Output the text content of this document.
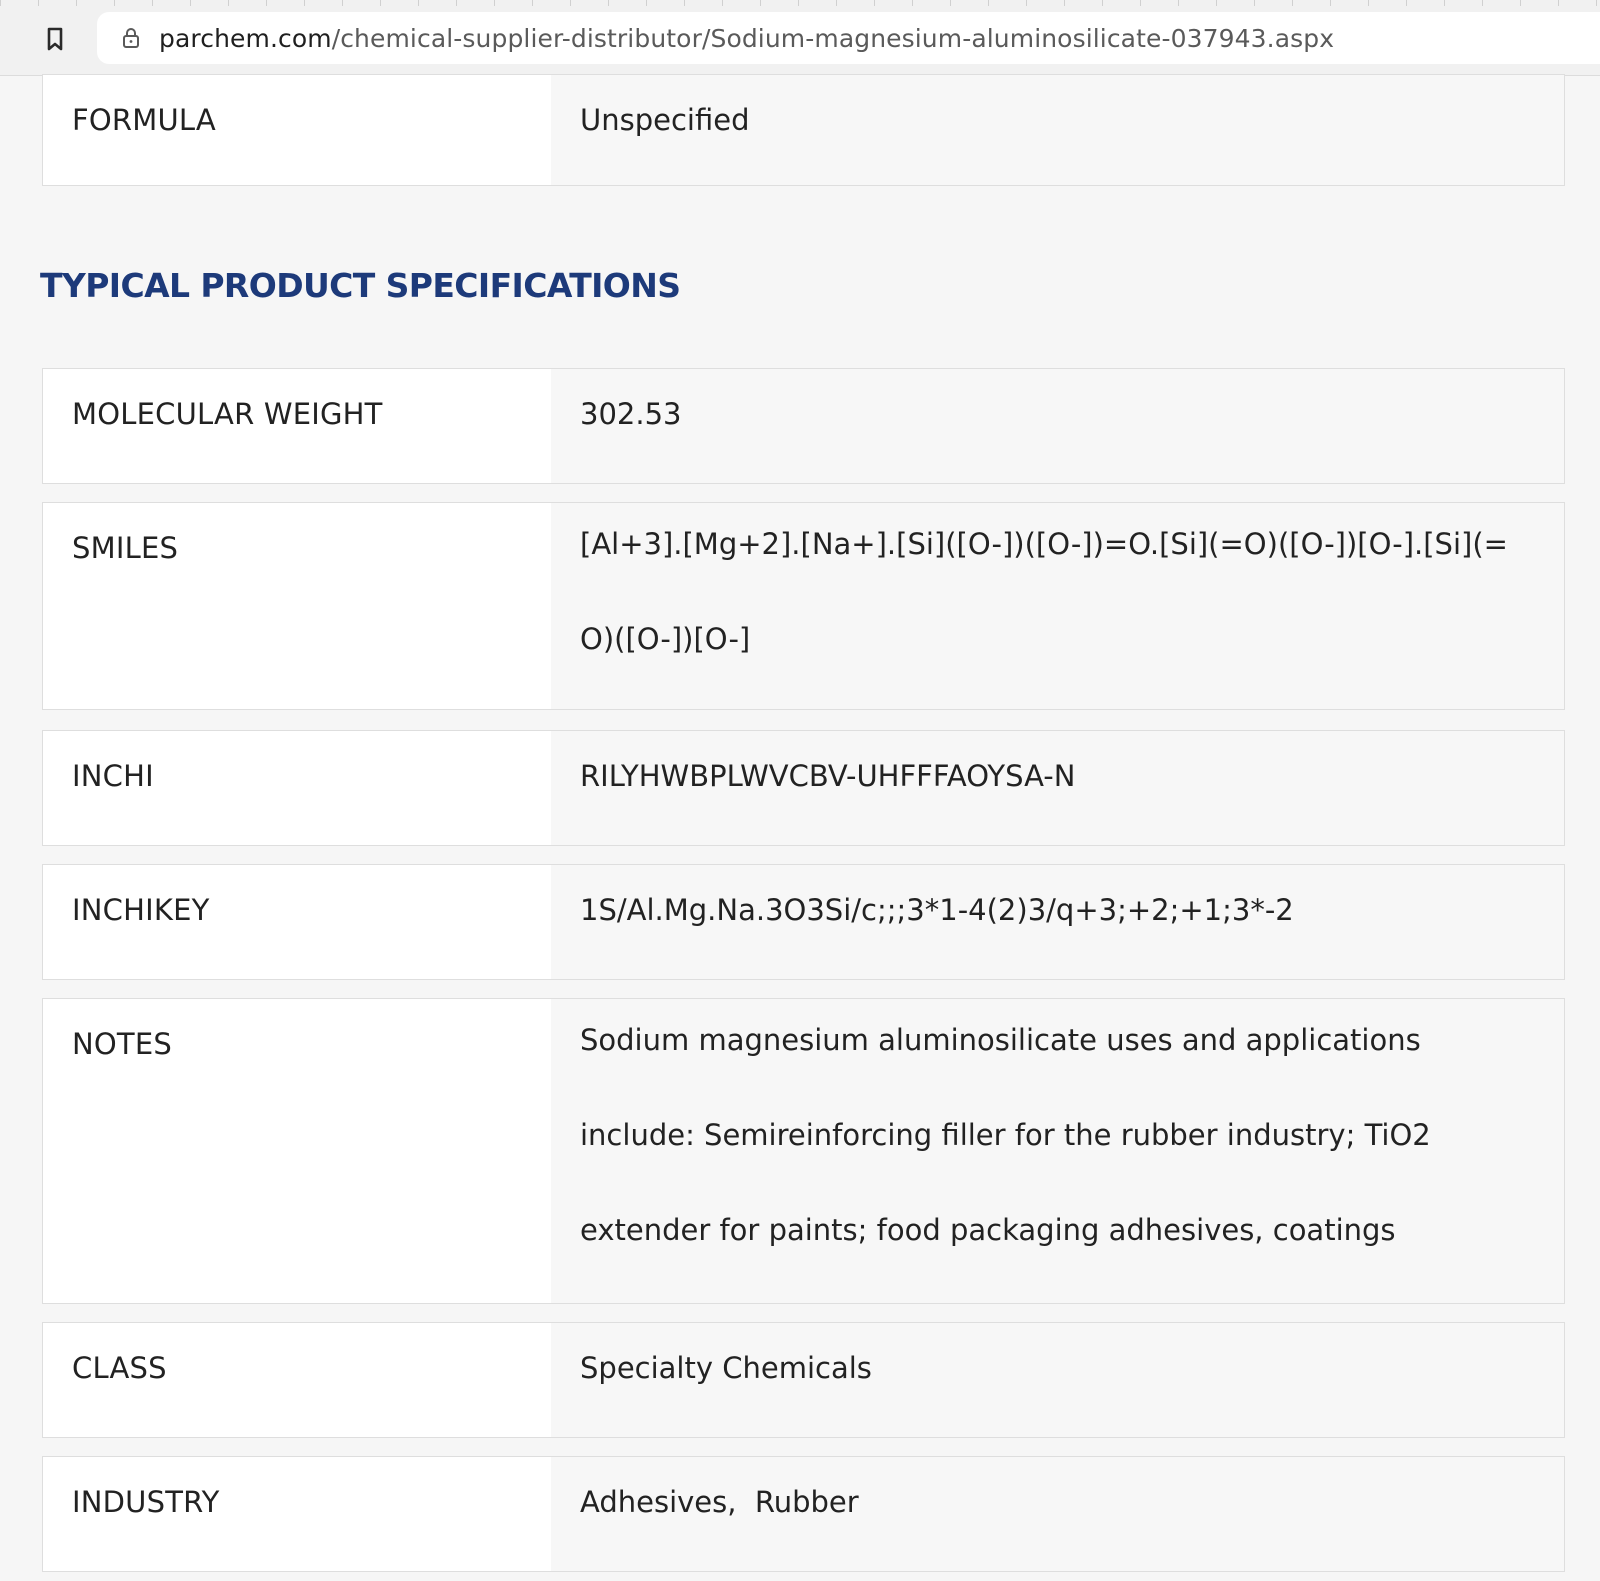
parchem.com/chemical-supplier-distributor/Sodium-magnesium-aluminosilicate-037943.aspx
FORMULA	Unspecified
TYPICAL PRODUCT SPECIFICATIONS
MOLECULAR WEIGHT	302.53
SMILES	[Al+3].[Mg+2].[Na+].[Si]([O-])([O-])=O.[Si](=O)([O-])[O-].[Si](=O)([O-])[O-]
INCHI	RILYHWBPLWVCBV-UHFFFAOYSA-N
INCHIKEY	1S/Al.Mg.Na.3O3Si/c;;;3*1-4(2)3/q+3;+2;+1;3*-2
NOTES	Sodium magnesium aluminosilicate uses and applications include: Semireinforcing filler for the rubber industry; TiO2 extender for paints; food packaging adhesives, coatings
CLASS	Specialty Chemicals
INDUSTRY	Adhesives,  Rubber
